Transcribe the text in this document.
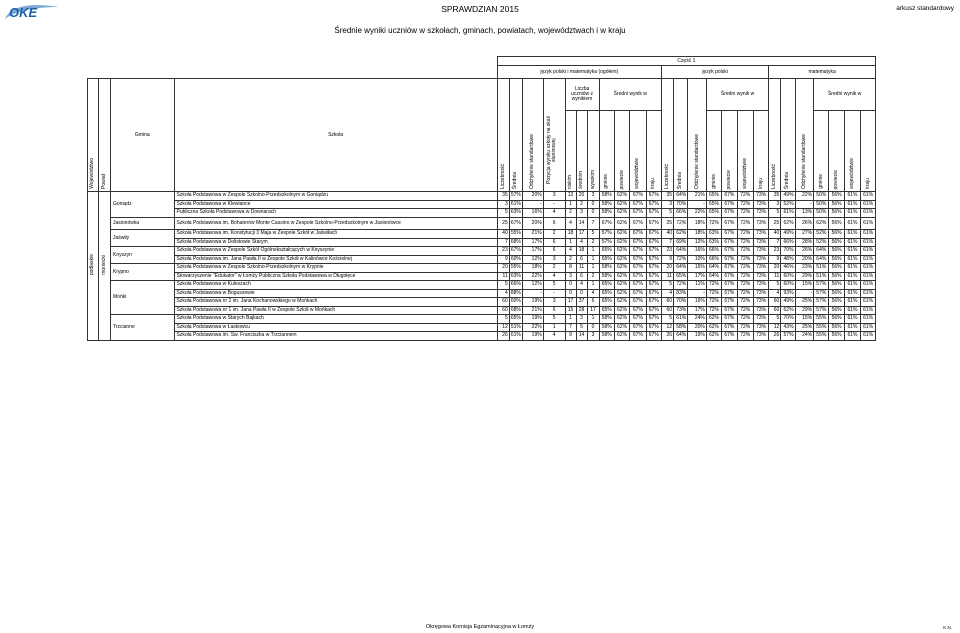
OKE	SPRAWDZIAN 2015	arkusz standardowy
Średnie wyniki uczniów w szkołach, gminach, powiatach, województwach i w kraju
				Część 1																								
				język polski i matematyka (ogółem)											język polski							matematyka						
Województwo	Powiat	Gmina	Szkoła	Liczebność	Średnia	Odchylenie standardowe	Pozycja wyniku szkoły na skali staninowej	Liczba uczniów z wynikiem			Średni wynik w				Liczebność	Średnia	Odchylenie standardowe	Średni wynik w				Liczebność	Średnia	Odchylenie standardowe	Średni wynik w			
								niskim	średnim	wysokim	gminie	powiecie	województwie	kraju				gminie	powiecie	województwie	kraju				gminie	powiecie	województwie	kraju
podlaskie	moniecki	Goniądz	Szkoła Podstawowa w Zespole Szkolno-Przedszkolnym w Goniądzu	35	57%	20%	3	12	20	3	58%	62%	67%	67%	35	64%	21%	65%	67%	72%	73%	35	49%	22%	50%	56%	61%	61%
			Szkoła Podstawowa w Klewiance	3	61%	-	-	1	2	0	58%	62%	67%	67%	3	70%	-	65%	67%	72%	73%	3	52%	-	50%	56%	61%	61%
			Publiczna Szkoła Podstawowa w Downarach	5	63%	16%	4	2	3	0	58%	62%	67%	67%	5	66%	22%	65%	67%	72%	73%	5	61%	13%	50%	56%	61%	61%
		Jasionówka	Szkoła Podstawowa im. Bohaterów Monte Cassino w Zespole Szkolno-Przedszkolnym w Jasionówce	25	67%	20%	6	4	14	7	67%	62%	67%	67%	25	72%	18%	72%	67%	72%	73%	25	62%	26%	62%	56%	61%	61%
		Jaświły	Szkoła Podstawowa im. Konstytucji 3 Maja w Zespole Szkół w Jaświłach	40	55%	21%	2	18	17	5	57%	62%	67%	67%	40	62%	18%	63%	67%	72%	73%	40	49%	27%	52%	56%	61%	61%
			Szkoła Podstawowa w Dolistowie Starym	7	68%	17%	6	1	4	2	57%	62%	67%	67%	7	69%	12%	63%	67%	72%	73%	7	66%	28%	52%	56%	61%	61%
		Knyszyn	Szkoła Podstawowa w Zespole Szkół Ogólnokształcących w Knyszynie	23	67%	17%	6	4	18	1	65%	62%	67%	67%	23	64%	16%	66%	67%	72%	73%	23	70%	26%	64%	56%	61%	61%
			Szkoła Podstawowa im. Jana Pawła II w Zespole Szkół w Kalinówce Kościelnej	9	60%	12%	3	2	6	1	65%	62%	67%	67%	9	72%	10%	66%	67%	72%	73%	9	48%	20%	64%	56%	61%	61%
		Krypno	Szkoła Podstawowa w Zespole Szkolno-Przedszkolnym w Krypnie	20	55%	18%	2	8	11	1	58%	62%	67%	67%	20	64%	15%	64%	67%	72%	73%	20	46%	23%	51%	56%	61%	61%
			Stowarzyszenie "Edukator" w Łomży Publiczna Szkoła Podstawowa w Długołęce	11	63%	22%	4	3	6	2	58%	62%	67%	67%	11	65%	17%	64%	67%	72%	73%	11	60%	29%	51%	56%	61%	61%
		Mońki	Szkoła Podstawowa w Kuleszach	5	66%	12%	5	0	4	1	65%	62%	67%	67%	5	72%	11%	72%	67%	72%	73%	5	60%	15%	57%	56%	61%	61%
			Szkoła Podstawowa w Boguszewie	4	88%	-	-	0	0	4	65%	62%	67%	67%	4	83%	-	72%	67%	72%	73%	4	93%	-	57%	56%	61%	61%
			Szkoła Podstawowa nr 2 im. Jana Kochanowskiego w Mońkach	60	60%	19%	3	17	37	6	65%	62%	67%	67%	60	70%	16%	72%	67%	72%	73%	60	49%	25%	57%	56%	61%	61%
			Szkoła Podstawowa nr 1 im. Jana Pawła II w Zespole Szkół w Mońkach	60	68%	21%	6	15	28	17	65%	62%	67%	67%	60	73%	17%	72%	67%	72%	73%	60	62%	29%	57%	56%	61%	61%
		Trzcianne	Szkoła Podstawowa w Starych Bajkach	5	65%	19%	5	1	3	1	58%	62%	67%	67%	5	61%	24%	62%	67%	72%	73%	5	70%	15%	55%	56%	61%	61%
			Szkoła Podstawowa w Łaskowcu	12	51%	22%	1	7	5	0	58%	62%	67%	67%	12	58%	20%	62%	67%	72%	73%	12	43%	25%	55%	56%	61%	61%
			Szkoła Podstawowa im. Św. Franciszka w Trzciannem	26	61%	19%	4	9	14	3	58%	62%	67%	67%	26	64%	19%	62%	67%	72%	73%	26	57%	24%	55%	56%	61%	61%
Okręgowa Komisja Egzaminacyjna w Łomży	K.N.
